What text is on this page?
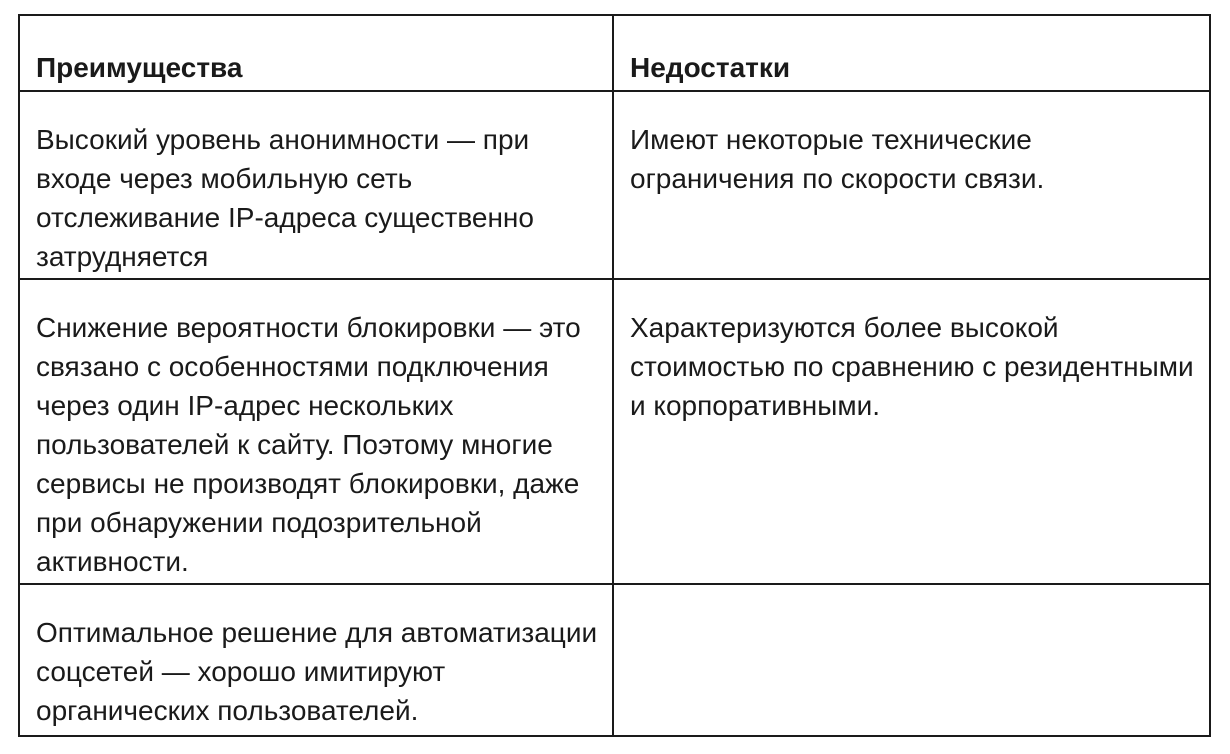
Преимущества	Недостатки
Высокий уровень анонимности — при входе через мобильную сеть отслеживание IP-адреса существенно затрудняется	Имеют некоторые технические ограничения по скорости связи.
Снижение вероятности блокировки — это связано с особенностями подключения через один IP-адрес нескольких пользователей к сайту. Поэтому многие сервисы не производят блокировки, даже при обнаружении подозрительной активности.	Характеризуются более высокой стоимостью по сравнению с резидентными и корпоративными.
Оптимальное решение для автоматизации соцсетей — хорошо имитируют органических пользователей.	
